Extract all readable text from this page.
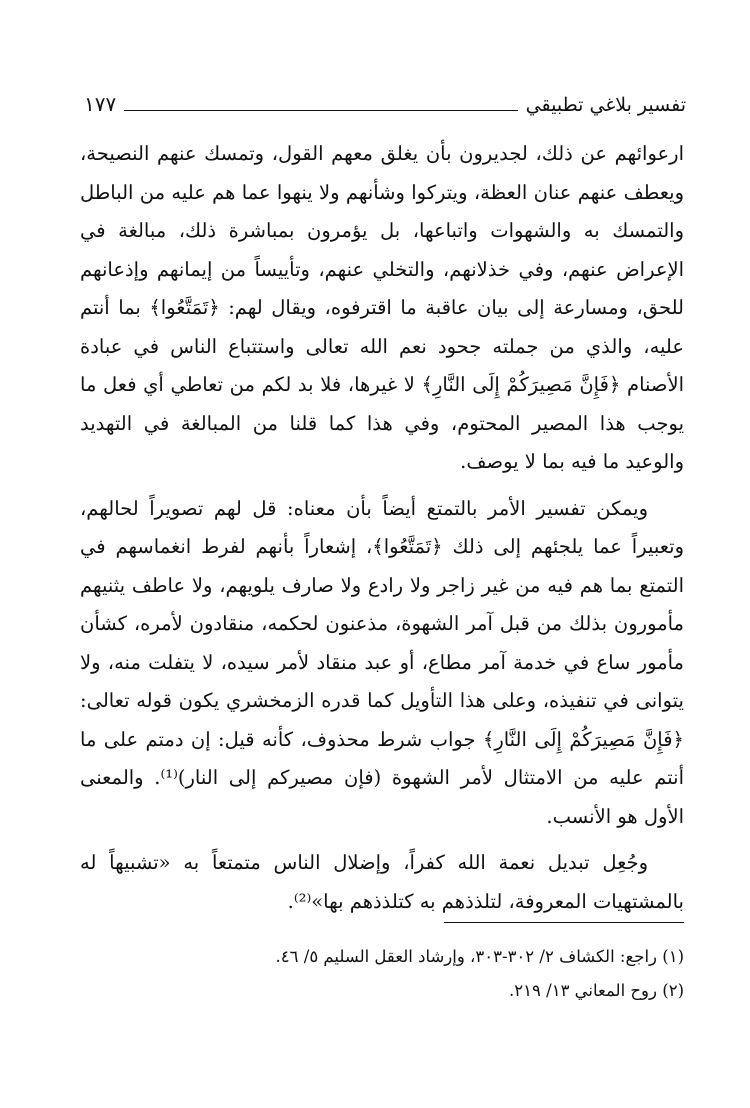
تفسير بلاغي تطبيقي
١٧٧

ارعوائهم عن ذلك، لجديرون بأن يغلق معهم القول، وتمسك عنهم النصيحة، ويعطف عنهم عنان العظة، ويتركوا وشأنهم ولا ينهوا عما هم عليه من الباطل والتمسك به والشهوات واتباعها، بل يؤمرون بمباشرة ذلك، مبالغة في الإعراض عنهم، وفي خذلانهم، والتخلي عنهم، وتأييساً من إيمانهم وإذعانهم للحق، ومسارعة إلى بيان عاقبة ما اقترفوه، ويقال لهم: ﴿تَمَتَّعُوا﴾ بما أنتم عليه، والذي من جملته جحود نعم الله تعالى واستتباع الناس في عبادة الأصنام ﴿فَإِنَّ مَصِيرَكُمْ إِلَى النَّارِ﴾ لا غيرها، فلا بد لكم من تعاطي أي فعل ما يوجب هذا المصير المحتوم، وفي هذا كما قلنا من المبالغة في التهديد والوعيد ما فيه بما لا يوصف.

ويمكن تفسير الأمر بالتمتع أيضاً بأن معناه: قل لهم تصويراً لحالهم، وتعبيراً عما يلجئهم إلى ذلك ﴿تَمَتَّعُوا﴾، إشعاراً بأنهم لفرط انغماسهم في التمتع بما هم فيه من غير زاجر ولا رادع ولا صارف يلويهم، ولا عاطف يثنيهم مأمورون بذلك من قبل آمر الشهوة، مذعنون لحكمه، منقادون لأمره، كشأن مأمور ساع في خدمة آمر مطاع، أو عبد منقاد لأمر سيده، لا يتفلت منه، ولا يتوانى في تنفيذه، وعلى هذا التأويل كما قدره الزمخشري يكون قوله تعالى: ﴿فَإِنَّ مَصِيرَكُمْ إِلَى النَّارِ﴾ جواب شرط محذوف، كأنه قيل: إن دمتم على ما أنتم عليه من الامتثال لأمر الشهوة (فإن مصيركم إلى النار)⁽¹⁾. والمعنى الأول هو الأنسب.

وجُعِل تبديل نعمة الله كفراً، وإضلال الناس متمتعاً به «تشبيهاً له بالمشتهيات المعروفة، لتلذذهم به كتلذذهم بها»⁽²⁾.

(١) راجع: الكشاف ٢/ ٣٠٢-٣٠٣، وإرشاد العقل السليم ٥/ ٤٦.
(٢) روح المعاني ١٣/ ٢١٩.
